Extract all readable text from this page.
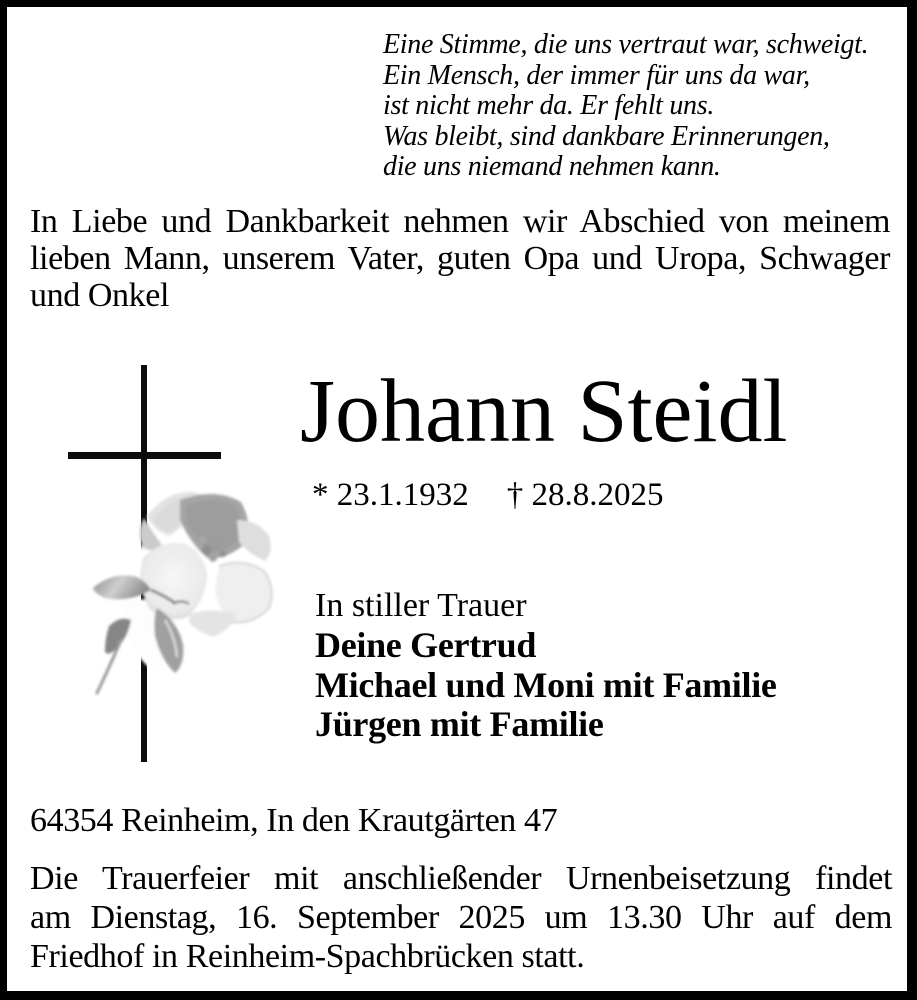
Eine Stimme, die uns vertraut war, schweigt.
Ein Mensch, der immer für uns da war,
ist nicht mehr da. Er fehlt uns.
Was bleibt, sind dankbare Erinnerungen,
die uns niemand nehmen kann.
In Liebe und Dankbarkeit nehmen wir Abschied von meinem
lieben Mann, unserem Vater, guten Opa und Uropa, Schwager
und Onkel
Johann Steidl
* 23.1.1932 † 28.8.2025
In stiller Trauer
Deine Gertrud
Michael und Moni mit Familie
Jürgen mit Familie
64354 Reinheim, In den Krautgärten 47
Die Trauerfeier mit anschließender Urnenbeisetzung findet
am Dienstag, 16. September 2025 um 13.30 Uhr auf dem
Friedhof in Reinheim-Spachbrücken statt.
